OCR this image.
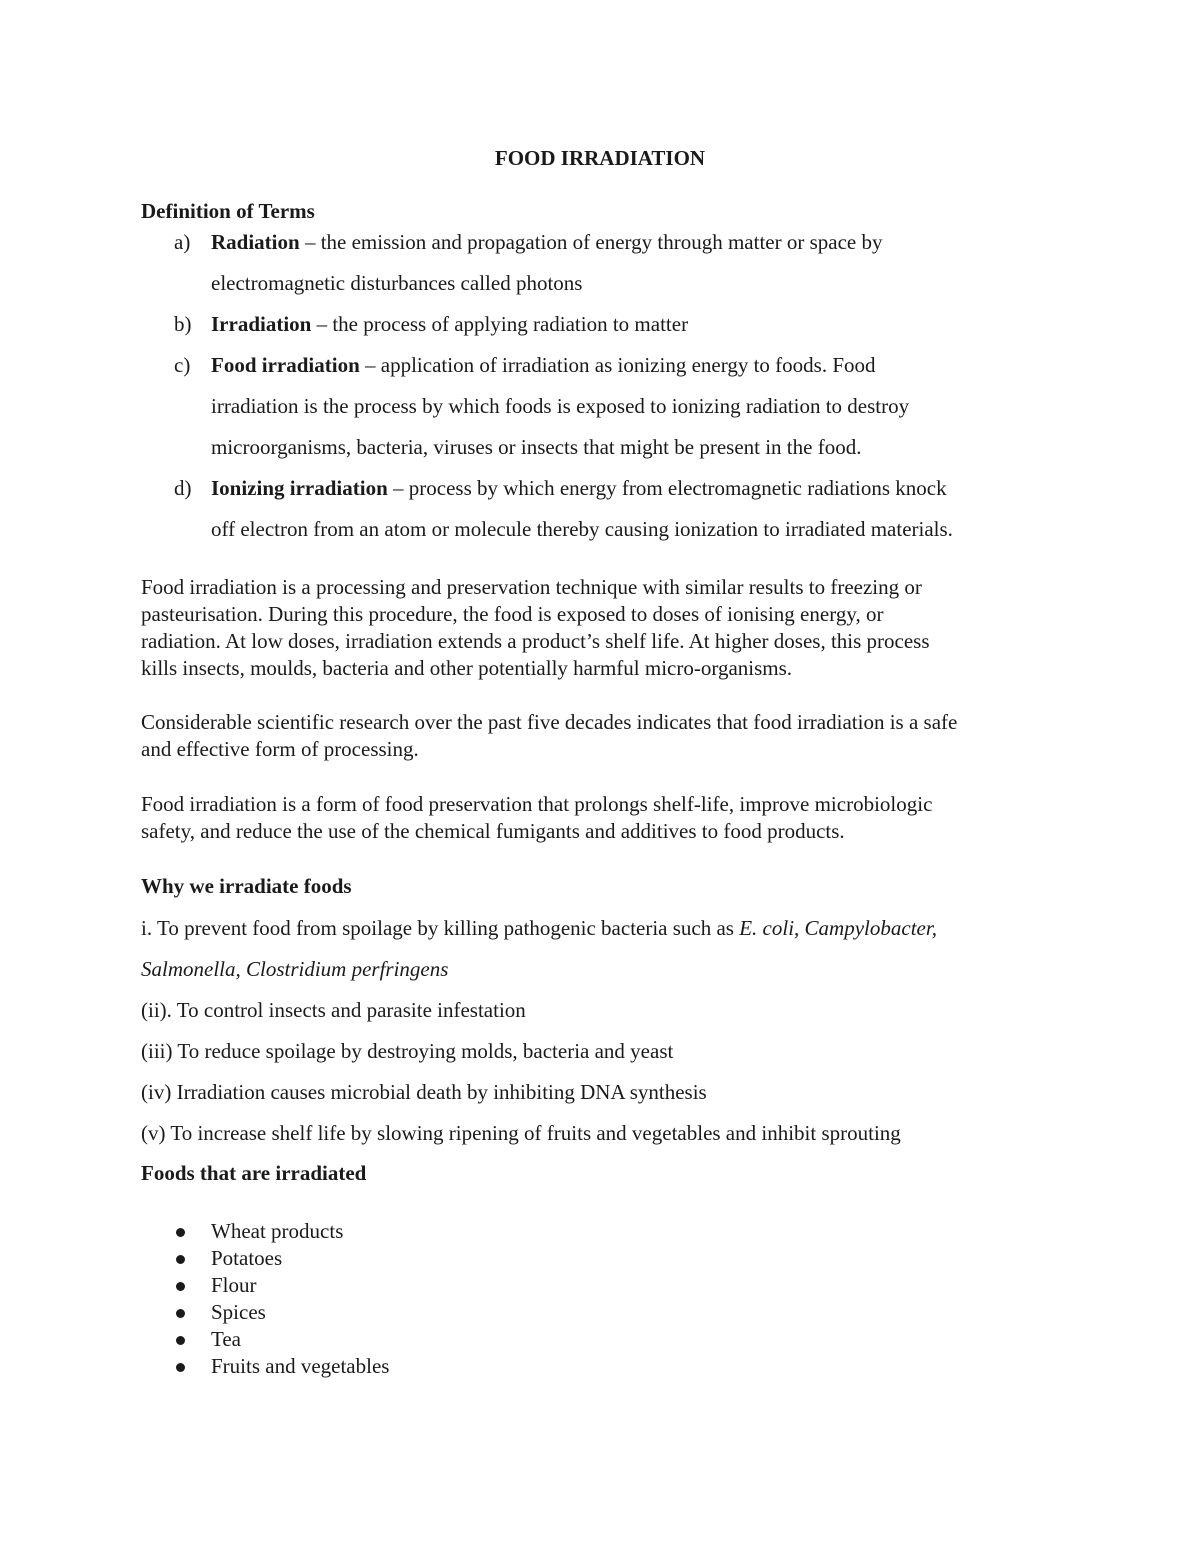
FOOD IRRADIATION
Definition of Terms
a) Radiation – the emission and propagation of energy through matter or space by
electromagnetic disturbances called photons
b) Irradiation – the process of applying radiation to matter
c) Food irradiation – application of irradiation as ionizing energy to foods. Food
irradiation is the process by which foods is exposed to ionizing radiation to destroy
microorganisms, bacteria, viruses or insects that might be present in the food.
d) Ionizing irradiation – process by which energy from electromagnetic radiations knock
off electron from an atom or molecule thereby causing ionization to irradiated materials.
Food irradiation is a processing and preservation technique with similar results to freezing or
pasteurisation. During this procedure, the food is exposed to doses of ionising energy, or
radiation. At low doses, irradiation extends a product’s shelf life. At higher doses, this process
kills insects, moulds, bacteria and other potentially harmful micro-organisms.
Considerable scientific research over the past five decades indicates that food irradiation is a safe
and effective form of processing.
Food irradiation is a form of food preservation that prolongs shelf-life, improve microbiologic
safety, and reduce the use of the chemical fumigants and additives to food products.
Why we irradiate foods
i. To prevent food from spoilage by killing pathogenic bacteria such as E. coli, Campylobacter,
Salmonella, Clostridium perfringens
(ii). To control insects and parasite infestation
(iii) To reduce spoilage by destroying molds, bacteria and yeast
(iv) Irradiation causes microbial death by inhibiting DNA synthesis
(v) To increase shelf life by slowing ripening of fruits and vegetables and inhibit sprouting
Foods that are irradiated
Wheat products
Potatoes
Flour
Spices
Tea
Fruits and vegetables
